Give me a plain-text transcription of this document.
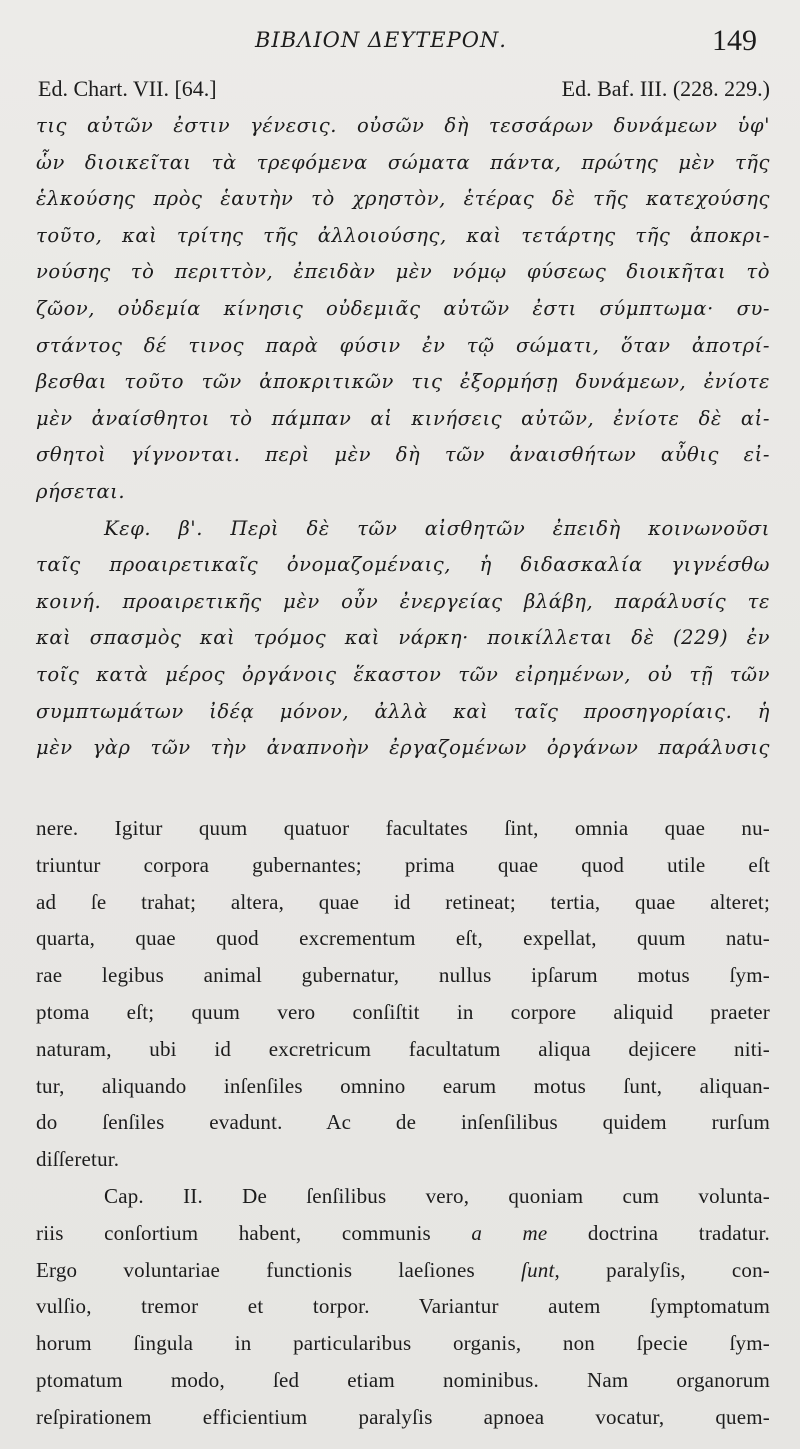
ΒΙΒΛΙΟΝ ΔΕΥΤΕΡΟΝ.	149
Ed. Chart. VII. [64.]	Ed. Baf. III. (228. 229.)
τις αὐτῶν ἐστιν γένεσις. οὐσῶν δὴ τεσσάρων δυνάμεων ὑφ'
ὧν διοικεῖται τὰ τρεφόμενα σώματα πάντα, πρώτης μὲν τῆς
ἑλκούσης πρὸς ἑαυτὴν τὸ χρηστὸν, ἑτέρας δὲ τῆς κατεχούσης
τοῦτο, καὶ τρίτης τῆς ἀλλοιούσης, καὶ τετάρτης τῆς ἀποκρι-
νούσης τὸ περιττὸν, ἐπειδὰν μὲν νόμῳ φύσεως διοικῆται τὸ
ζῶον, οὐδεμία κίνησις οὐδεμιᾶς αὐτῶν ἐστι σύμπτωμα· συ-
στάντος δέ τινος παρὰ φύσιν ἐν τῷ σώματι, ὅταν ἀποτρί-
βεσθαι τοῦτο τῶν ἀποκριτικῶν τις ἐξορμήσῃ δυνάμεων, ἐνίοτε
μὲν ἀναίσθητοι τὸ πάμπαν αἱ κινήσεις αὐτῶν, ἐνίοτε δὲ αἰ-
σθητοὶ γίγνονται. περὶ μὲν δὴ τῶν ἀναισθήτων αὖθις εἰ-
ρήσεται.
Κεφ. β'. Περὶ δὲ τῶν αἰσθητῶν ἐπειδὴ κοινωνοῦσι
ταῖς προαιρετικαῖς ὀνομαζομέναις, ἡ διδασκαλία γιγνέσθω
κοινή. προαιρετικῆς μὲν οὖν ἐνεργείας βλάβη, παράλυσίς τε
καὶ σπασμὸς καὶ τρόμος καὶ νάρκη· ποικίλλεται δὲ (229) ἐν
τοῖς κατὰ μέρος ὀργάνοις ἕκαστον τῶν εἰρημένων, οὐ τῇ τῶν
συμπτωμάτων ἰδέᾳ μόνον, ἀλλὰ καὶ ταῖς προσηγορίαις. ἡ
μὲν γὰρ τῶν τὴν ἀναπνοὴν ἐργαζομένων ὀργάνων παράλυσις
nere. Igitur quum quatuor facultates ſint, omnia quae nu-
triuntur corpora gubernantes; prima quae quod utile eſt
ad ſe trahat; altera, quae id retineat; tertia, quae alteret;
quarta, quae quod excrementum eſt, expellat, quum natu-
rae legibus animal gubernatur, nullus ipſarum motus ſym-
ptoma eſt; quum vero conſiſtit in corpore aliquid praeter
naturam, ubi id excretricum facultatum aliqua dejicere niti-
tur, aliquando inſenſiles omnino earum motus ſunt, aliquan-
do ſenſiles evadunt. Ac de inſenſilibus quidem rurſum
diſſeretur.
Cap. II. De ſenſilibus vero, quoniam cum volunta-
riis conſortium habent, communis a me doctrina tradatur.
Ergo voluntariae functionis laeſiones ſunt, paralyſis, con-
vulſio, tremor et torpor. Variantur autem ſymptomatum
horum ſingula in particularibus organis, non ſpecie ſym-
ptomatum modo, ſed etiam nominibus. Nam organorum
reſpirationem efficientium paralyſis apnoea vocatur, quem-
